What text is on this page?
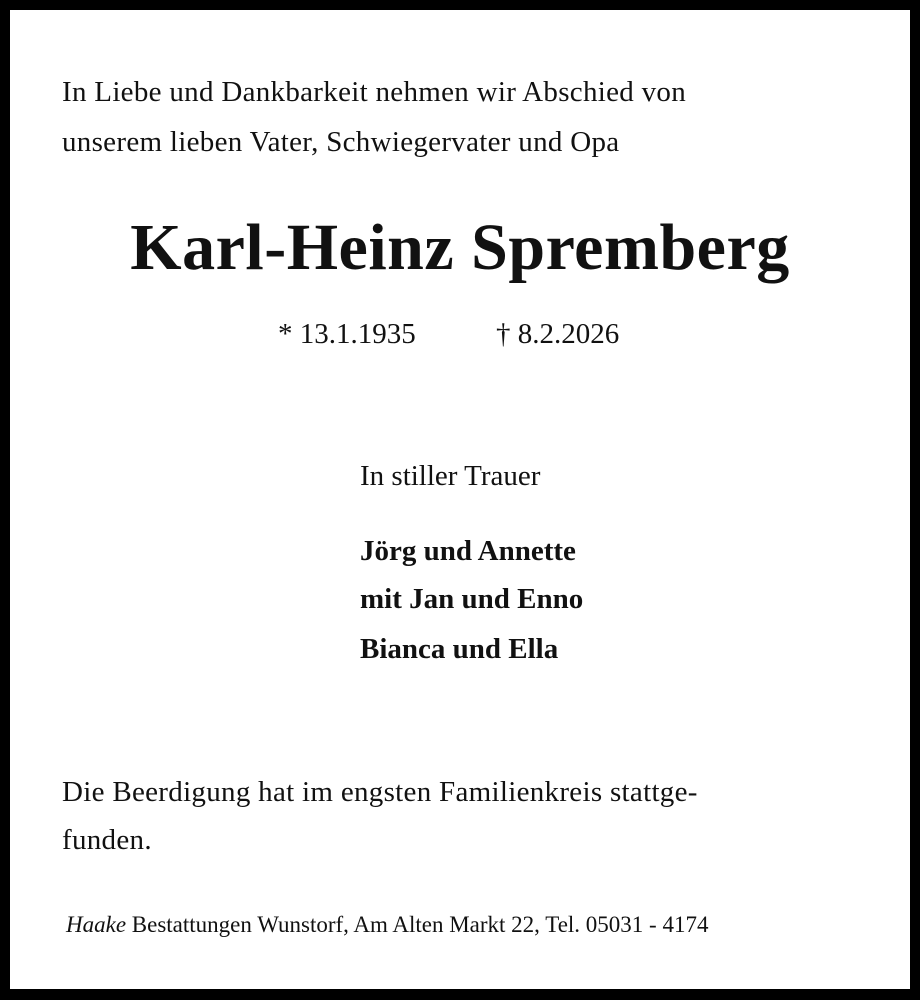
In Liebe und Dankbarkeit nehmen wir Abschied von
unserem lieben Vater, Schwiegervater und Opa
Karl-Heinz Spremberg
* 13.1.1935	† 8.2.2026
In stiller Trauer
Jörg und Annette
mit Jan und Enno
Bianca und Ella
Die Beerdigung hat im engsten Familienkreis stattge-
funden.
Haake Bestattungen Wunstorf, Am Alten Markt 22, Tel. 05031 - 4174
